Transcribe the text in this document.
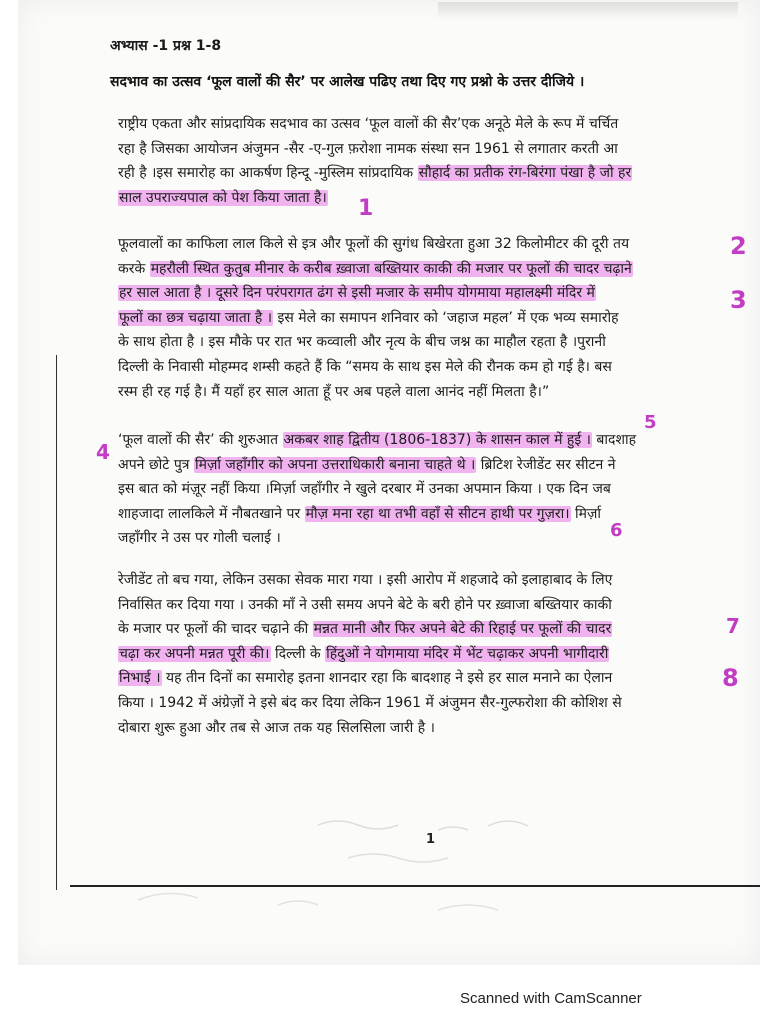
अभ्यास -1 प्रश्न 1-8
सदभाव का उत्सव ‘फूल वालों की सैर’ पर आलेख पढिए तथा दिए गए प्रश्नो के उत्तर दीजिये ।
राष्ट्रीय एकता और सांप्रदायिक सदभाव का उत्सव ‘फूल वालों की सैर’एक अनूठे मेले के रूप में चर्चित
रहा है जिसका आयोजन अंजुमन -सैर -ए-गुल फ़रोशा नामक संस्था सन 1961 से लगातार करती आ
रही है ।इस समारोह का आकर्षण हिन्दू -मुस्लिम सांप्रदायिक सौहार्द का प्रतीक रंग-बिरंगा पंखा है जो हर
साल उपराज्यपाल को पेश किया जाता है।
फूलवालों का काफिला लाल किले से इत्र और फूलों की सुगंध बिखेरता हुआ 32 किलोमीटर की दूरी तय
करके महरौली स्थित कुतुब मीनार के करीब ख़्वाजा बख्तियार काकी की मजार पर फूलों की चादर चढ़ाने
हर साल आता है । दूसरे दिन परंपरागत ढंग से इसी मजार के समीप योगमाया महालक्ष्मी मंदिर में
फूलों का छत्र चढ़ाया जाता है । इस मेले का समापन शनिवार को ‘जहाज महल’ में एक भव्य समारोह
के साथ होता है । इस मौके पर रात भर कव्वाली और नृत्य के बीच जश्न का माहौल रहता है ।पुरानी
दिल्ली के निवासी मोहम्मद शम्सी कहते हैं कि “समय के साथ इस मेले की रौनक कम हो गई है। बस
रस्म ही रह गई है। मैं यहाँ हर साल आता हूँ पर अब पहले वाला आनंद नहीं मिलता है।”
‘फूल वालों की सैर’ की शुरुआत अकबर शाह द्वितीय (1806-1837) के शासन काल में हुई । बादशाह
अपने छोटे पुत्र मिर्ज़ा जहाँगीर को अपना उत्तराधिकारी बनाना चाहते थे । ब्रिटिश रेजीडेंट सर सीटन ने
इस बात को मंज़ूर नहीं किया ।मिर्ज़ा जहाँगीर ने खुले दरबार में उनका अपमान किया । एक दिन जब
शाहजादा लालकिले में नौबतखाने पर मौज़ मना रहा था तभी वहाँ से सीटन हाथी पर गुज़रा। मिर्ज़ा
जहाँगीर ने उस पर गोली चलाई ।
रेजीडेंट तो बच गया, लेकिन उसका सेवक मारा गया । इसी आरोप में शहजादे को इलाहाबाद के लिए
निर्वासित कर दिया गया । उनकी माँ ने उसी समय अपने बेटे के बरी होने पर ख़्वाजा बख्तियार काकी
के मजार पर फूलों की चादर चढ़ाने की मन्नत मानी और फिर अपने बेटे की रिहाई पर फूलों की चादर
चढ़ा कर अपनी मन्नत पूरी की। दिल्ली के हिंदुओं ने योगमाया मंदिर में भेंट चढ़ाकर अपनी भागीदारी
निभाई । यह तीन दिनों का समारोह इतना शानदार रहा कि बादशाह ने इसे हर साल मनाने का ऐलान
किया । 1942 में अंग्रेज़ों ने इसे बंद कर दिया लेकिन 1961 में अंजुमन सैर-गुल्फरोशा की कोशिश से
दोबारा शुरू हुआ और तब से आज तक यह सिलसिला जारी है ।
1
2
3
4
5
6
7
8
1
Scanned with CamScanner
